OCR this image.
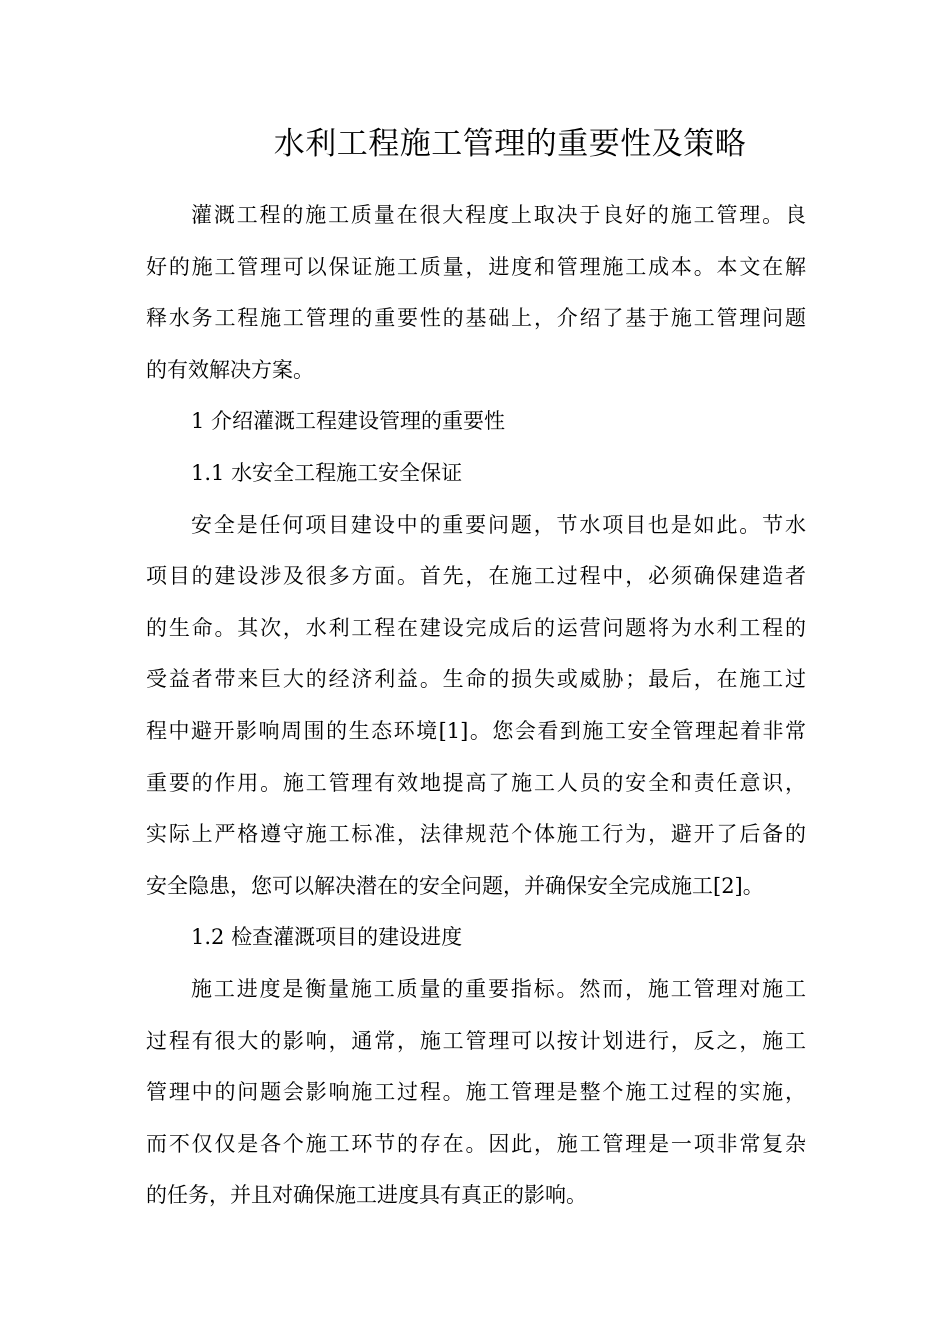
水利工程施工管理的重要性及策略

灌溉工程的施工质量在很大程度上取决于良好的施工管理。良
好的施工管理可以保证施工质量，进度和管理施工成本。本文在解
释水务工程施工管理的重要性的基础上，介绍了基于施工管理问题
的有效解决方案。

1 介绍灌溉工程建设管理的重要性

1.1 水安全工程施工安全保证

安全是任何项目建设中的重要问题，节水项目也是如此。节水
项目的建设涉及很多方面。首先，在施工过程中，必须确保建造者
的生命。其次，水利工程在建设完成后的运营问题将为水利工程的
受益者带来巨大的经济利益。生命的损失或威胁；最后，在施工过
程中避开影响周围的生态环境[1]。您会看到施工安全管理起着非常
重要的作用。施工管理有效地提高了施工人员的安全和责任意识，
实际上严格遵守施工标准，法律规范个体施工行为，避开了后备的
安全隐患，您可以解决潜在的安全问题，并确保安全完成施工[2]。

1.2 检查灌溉项目的建设进度

施工进度是衡量施工质量的重要指标。然而，施工管理对施工
过程有很大的影响，通常，施工管理可以按计划进行，反之，施工
管理中的问题会影响施工过程。施工管理是整个施工过程的实施，
而不仅仅是各个施工环节的存在。因此，施工管理是一项非常复杂
的任务，并且对确保施工进度具有真正的影响。
